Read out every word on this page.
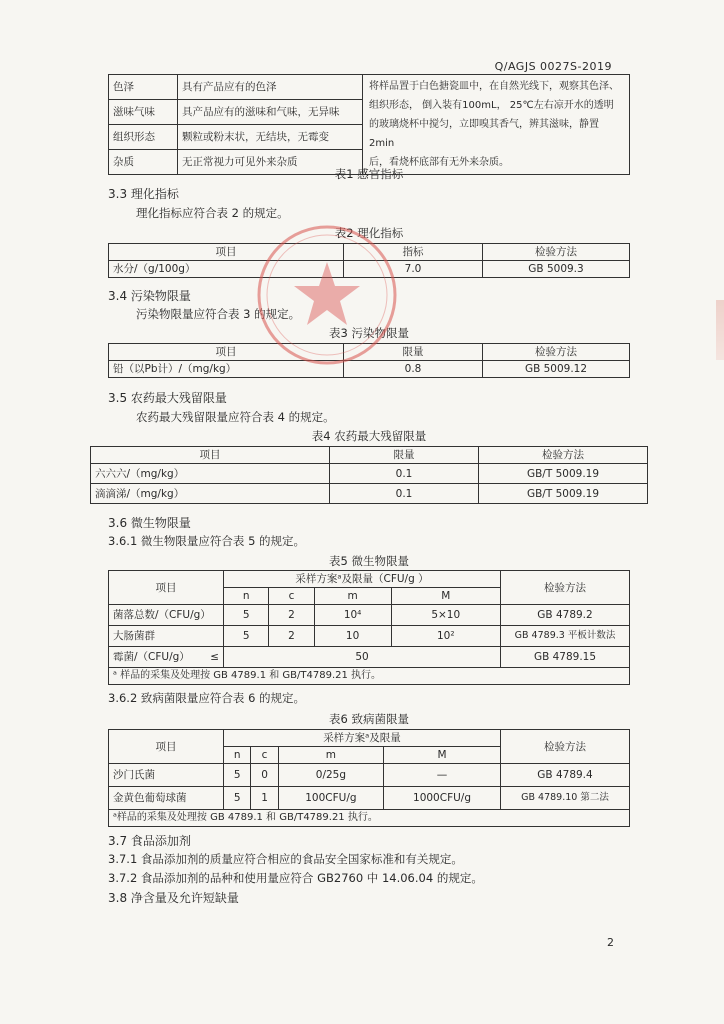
Q/AGJS 0027S-2019
色泽	具有产品应有的色泽	将样品置于白色搪瓷皿中，在自然光线下，观察其色泽、
组织形态， 倒入装有100mL， 25℃左右凉开水的透明
的玻璃烧杯中搅匀，立即嗅其香气，辨其滋味，静置2min
后，看烧杯底部有无外来杂质。

滋味气味	具产品应有的滋味和气味，无异味	
组织形态	颗粒或粉末状，无结块，无霉变	
杂质	无正常视力可见外来杂质	
表1 感官指标
3.3 理化指标
理化指标应符合表 2 的规定。
表2 理化指标
项目	指标	检验方法
水分/（g/100g）	7.0	GB 5009.3
3.4 污染物限量
污染物限量应符合表 3 的规定。
表3 污染物限量
项目	限量	检验方法
铅（以Pb计）/（mg/kg）	0.8	GB 5009.12
3.5 农药最大残留限量
农药最大残留限量应符合表 4 的规定。
表4 农药最大残留限量
项目	限量	检验方法
六六六/（mg/kg）	0.1	GB/T 5009.19
滴滴涕/（mg/kg）	0.1	GB/T 5009.19
3.6 微生物限量
3.6.1 微生物限量应符合表 5 的规定。
表5 微生物限量
项目	采样方案ᵃ及限量（CFU/g ）				检验方法
	n	c	m	M	
菌落总数/（CFU/g）	5	2	10⁴	5×10	GB 4789.2
大肠菌群	5	2	10	10²	GB 4789.3 平板计数法
霉菌/（CFU/g） ≤	50				GB 4789.15
ᵃ 样品的采集及处理按 GB 4789.1 和 GB/T4789.21 执行。					
3.6.2 致病菌限量应符合表 6 的规定。
表6 致病菌限量
项目	采样方案ᵃ及限量				检验方法
	n	c	m	M	
沙门氏菌	5	0	0/25g	—	GB 4789.4
金黄色葡萄球菌	5	1	100CFU/g	1000CFU/g	GB 4789.10 第二法
ᵃ样品的采集及处理按 GB 4789.1 和 GB/T4789.21 执行。					
3.7 食品添加剂
3.7.1 食品添加剂的质量应符合相应的食品安全国家标准和有关规定。
3.7.2 食品添加剂的品种和使用量应符合 GB2760 中 14.06.04 的规定。
3.8 净含量及允许短缺量
2
